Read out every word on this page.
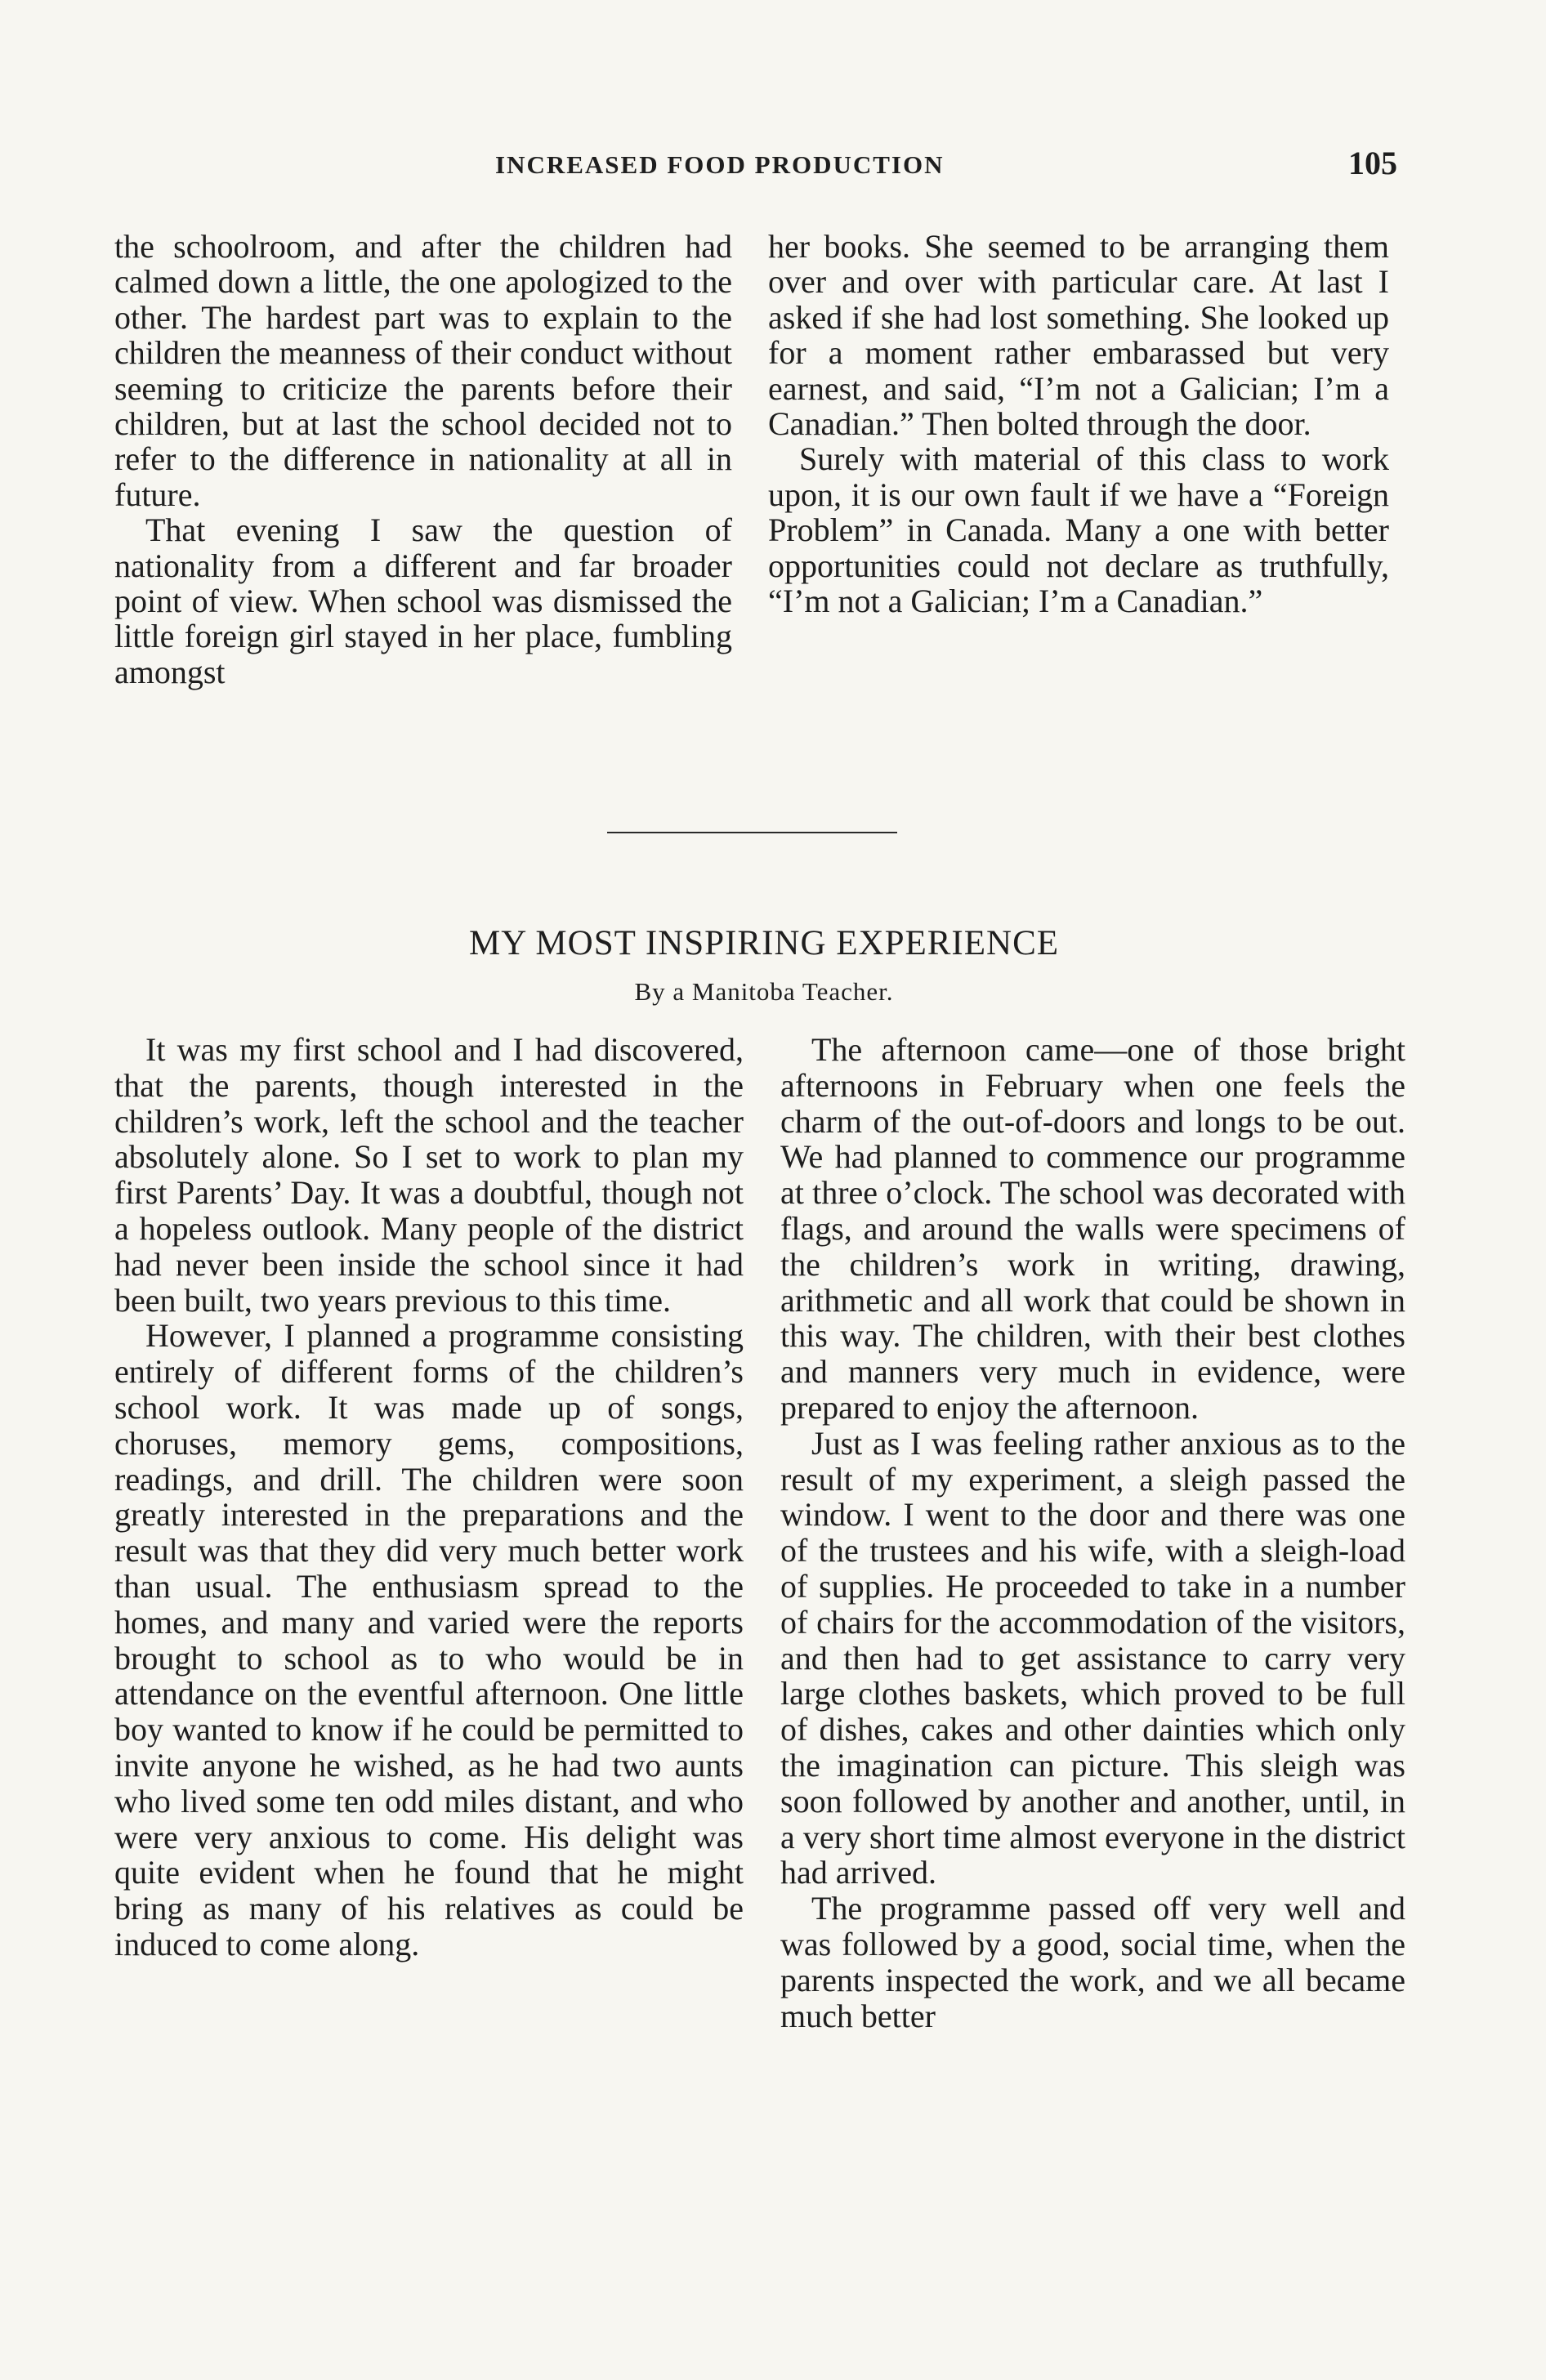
INCREASED FOOD PRODUCTION	105

the schoolroom, and after the children had calmed down a little, the one apologized to the other. The hardest part was to explain to the children the meanness of their conduct without seeming to criticize the parents before their children, but at last the school decided not to refer to the difference in nationality at all in future.

That evening I saw the question of nationality from a different and far broader point of view. When school was dismissed the little foreign girl stayed in her place, fumbling amongst

her books. She seemed to be arranging them over and over with particular care. At last I asked if she had lost something. She looked up for a moment rather embarassed but very earnest, and said, “I’m not a Galician; I’m a Canadian.” Then bolted through the door.

Surely with material of this class to work upon, it is our own fault if we have a “Foreign Problem” in Canada. Many a one with better opportunities could not declare as truthfully, “I’m not a Galician; I’m a Canadian.”

MY MOST INSPIRING EXPERIENCE
By a Manitoba Teacher.

It was my first school and I had discovered, that the parents, though interested in the children’s work, left the school and the teacher absolutely alone. So I set to work to plan my first Parents’ Day. It was a doubtful, though not a hopeless outlook. Many people of the district had never been inside the school since it had been built, two years previous to this time.

However, I planned a programme consisting entirely of different forms of the children’s school work. It was made up of songs, choruses, memory gems, compositions, readings, and drill. The children were soon greatly interested in the preparations and the result was that they did very much better work than usual. The enthusiasm spread to the homes, and many and varied were the reports brought to school as to who would be in attendance on the eventful afternoon. One little boy wanted to know if he could be permitted to invite anyone he wished, as he had two aunts who lived some ten odd miles distant, and who were very anxious to come. His delight was quite evident when he found that he might bring as many of his relatives as could be induced to come along.

The afternoon came—one of those bright afternoons in February when one feels the charm of the out-of-doors and longs to be out. We had planned to commence our programme at three o’clock. The school was decorated with flags, and around the walls were specimens of the children’s work in writing, drawing, arithmetic and all work that could be shown in this way. The children, with their best clothes and manners very much in evidence, were prepared to enjoy the afternoon.

Just as I was feeling rather anxious as to the result of my experiment, a sleigh passed the window. I went to the door and there was one of the trustees and his wife, with a sleigh-load of supplies. He proceeded to take in a number of chairs for the accommodation of the visitors, and then had to get assistance to carry very large clothes baskets, which proved to be full of dishes, cakes and other dainties which only the imagination can picture. This sleigh was soon followed by another and another, until, in a very short time almost everyone in the district had arrived.

The programme passed off very well and was followed by a good, social time, when the parents inspected the work, and we all became much better
